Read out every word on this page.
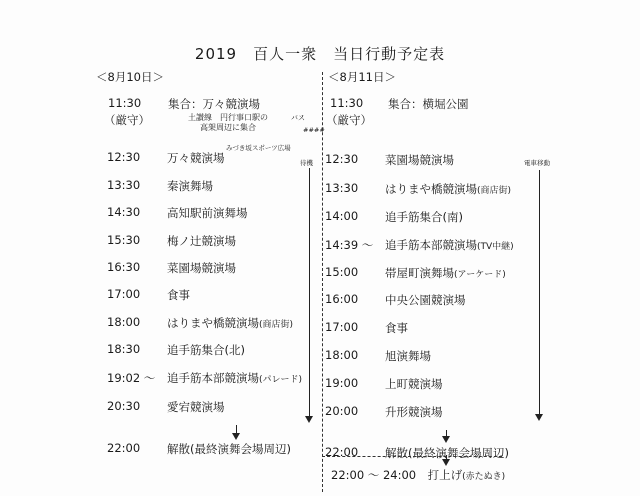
2019　百人一衆　当日行動予定表
＜8月10日＞
11:30
（厳守）
集合：万々競演場
土讃線　円行事口駅の
高架周辺に集合
12:30 万々競演場
13:30 秦演舞場
14:30 高知駅前演舞場
15:30 梅ノ辻競演場
16:30 菜園場競演場
17:00 食事
18:00 はりまや橋競演場(商店街)
18:30 追手筋集合(北)
19:02 ～ 追手筋本部競演場(パレード)
20:30 愛宕競演場
22:00 解散(最終演舞会場周辺)
バス
####
みづき坂スポーツ広場
待機	電車移動
＜8月11日＞
11:30
（厳守）
集合：横堀公園
12:30 菜園場競演場
13:30 はりまや橋競演場(商店街)
14:00 追手筋集合(南)
14:39 ～ 追手筋本部競演場(TV中継)
15:00 帯屋町演舞場(アーケード)
16:00 中央公園競演場
17:00 食事
18:00 旭演舞場
19:00 上町競演場
20:00 升形競演場
22:00 解散(最終演舞会場周辺)
22:00 ～ 24:00　打上げ(赤たぬき)
